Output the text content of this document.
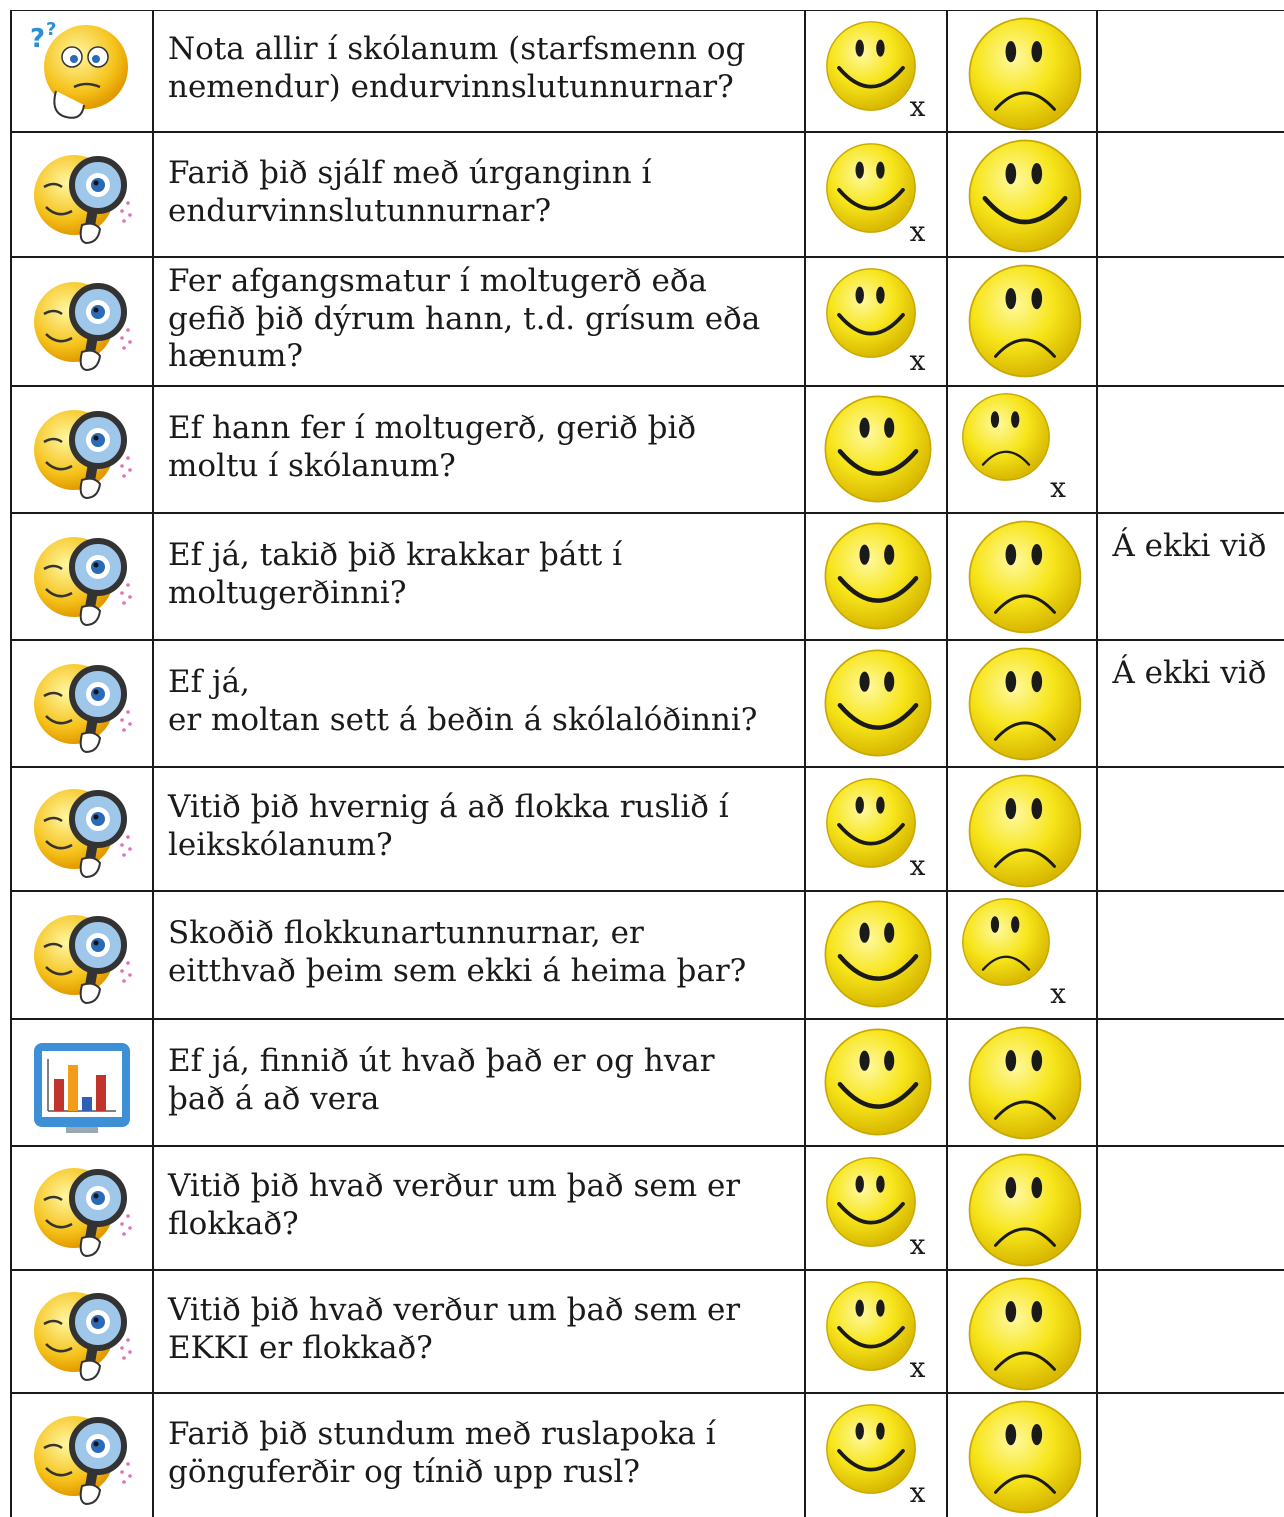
? ?	Nota allir í skólanum (starfsmenn og
nemendur) endurvinnslutunnurnar?	x

Farið þið sjálf með úrganginn í
endurvinnslutunnurnar?	x

Fer afgangsmatur í moltugerð eða
gefið þið dýrum hann, t.d. grísum eða
hænum?	x

Ef hann fer í moltugerð, gerið þið
moltu í skólanum?		x	

Ef já, takið þið krakkar þátt í
moltugerðinni?			Á ekki við

Ef já,
er moltan sett á beðin á skólalóðinni?			Á ekki við

Vitið þið hvernig á að flokka ruslið í
leikskólanum?	x

Skoðið flokkunartunnurnar, er
eitthvað þeim sem ekki á heima þar?		x	

Ef já, finnið út hvað það er og hvar
það á að vera

Vitið þið hvað verður um það sem er
flokkað?	x

Vitið þið hvað verður um það sem er
EKKI er flokkað?	x

Farið þið stundum með ruslapoka í
gönguferðir og tínið upp rusl?	x
